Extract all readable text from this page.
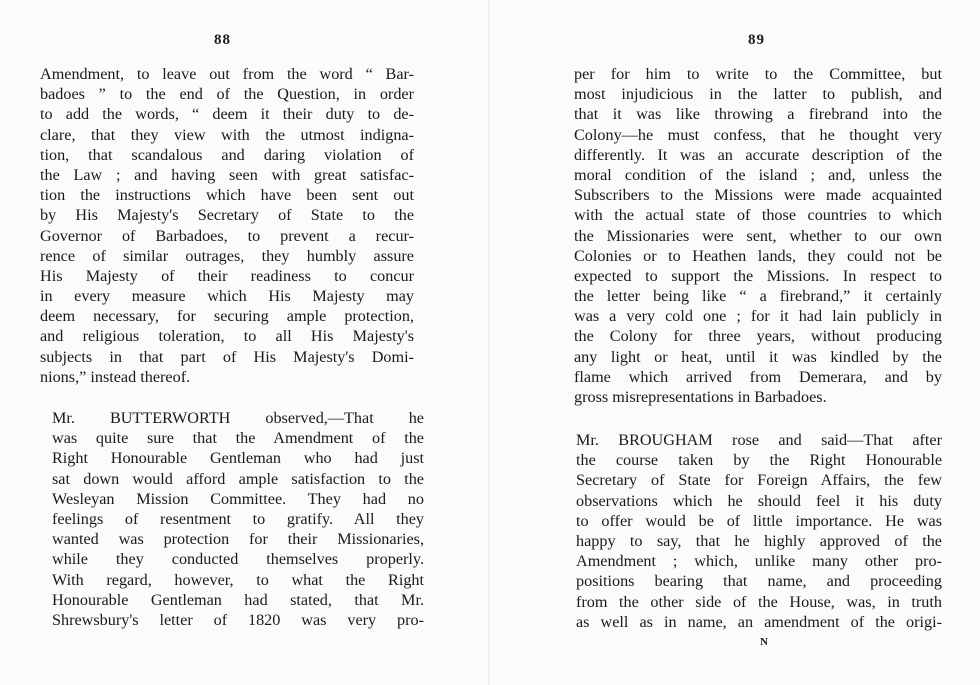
88
Amendment, to leave out from the word “ Bar-
badoes ” to the end of the Question, in order
to add the words, “ deem it their duty to de-
clare, that they view with the utmost indigna-
tion, that scandalous and daring violation of
the Law ; and having seen with great satisfac-
tion the instructions which have been sent out
by His Majesty's Secretary of State to the
Governor of Barbadoes, to prevent a recur-
rence of similar outrages, they humbly assure
His Majesty of their readiness to concur
in every measure which His Majesty may
deem necessary, for securing ample protection,
and religious toleration, to all His Majesty's
subjects in that part of His Majesty's Domi-
nions,” instead thereof.
Mr. BUTTERWORTH observed,—That he
was quite sure that the Amendment of the
Right Honourable Gentleman who had just
sat down would afford ample satisfaction to the
Wesleyan Mission Committee. They had no
feelings of resentment to gratify. All they
wanted was protection for their Missionaries,
while they conducted themselves properly.
With regard, however, to what the Right
Honourable Gentleman had stated, that Mr.
Shrewsbury's letter of 1820 was very pro-
89
per for him to write to the Committee, but
most injudicious in the latter to publish, and
that it was like throwing a firebrand into the
Colony—he must confess, that he thought very
differently. It was an accurate description of the
moral condition of the island ; and, unless the
Subscribers to the Missions were made acquainted
with the actual state of those countries to which
the Missionaries were sent, whether to our own
Colonies or to Heathen lands, they could not be
expected to support the Missions. In respect to
the letter being like “ a firebrand,” it certainly
was a very cold one ; for it had lain publicly in
the Colony for three years, without producing
any light or heat, until it was kindled by the
flame which arrived from Demerara, and by
gross misrepresentations in Barbadoes.
Mr. BROUGHAM rose and said—That after
the course taken by the Right Honourable
Secretary of State for Foreign Affairs, the few
observations which he should feel it his duty
to offer would be of little importance. He was
happy to say, that he highly approved of the
Amendment ; which, unlike many other pro-
positions bearing that name, and proceeding
from the other side of the House, was, in truth
as well as in name, an amendment of the origi-
N
